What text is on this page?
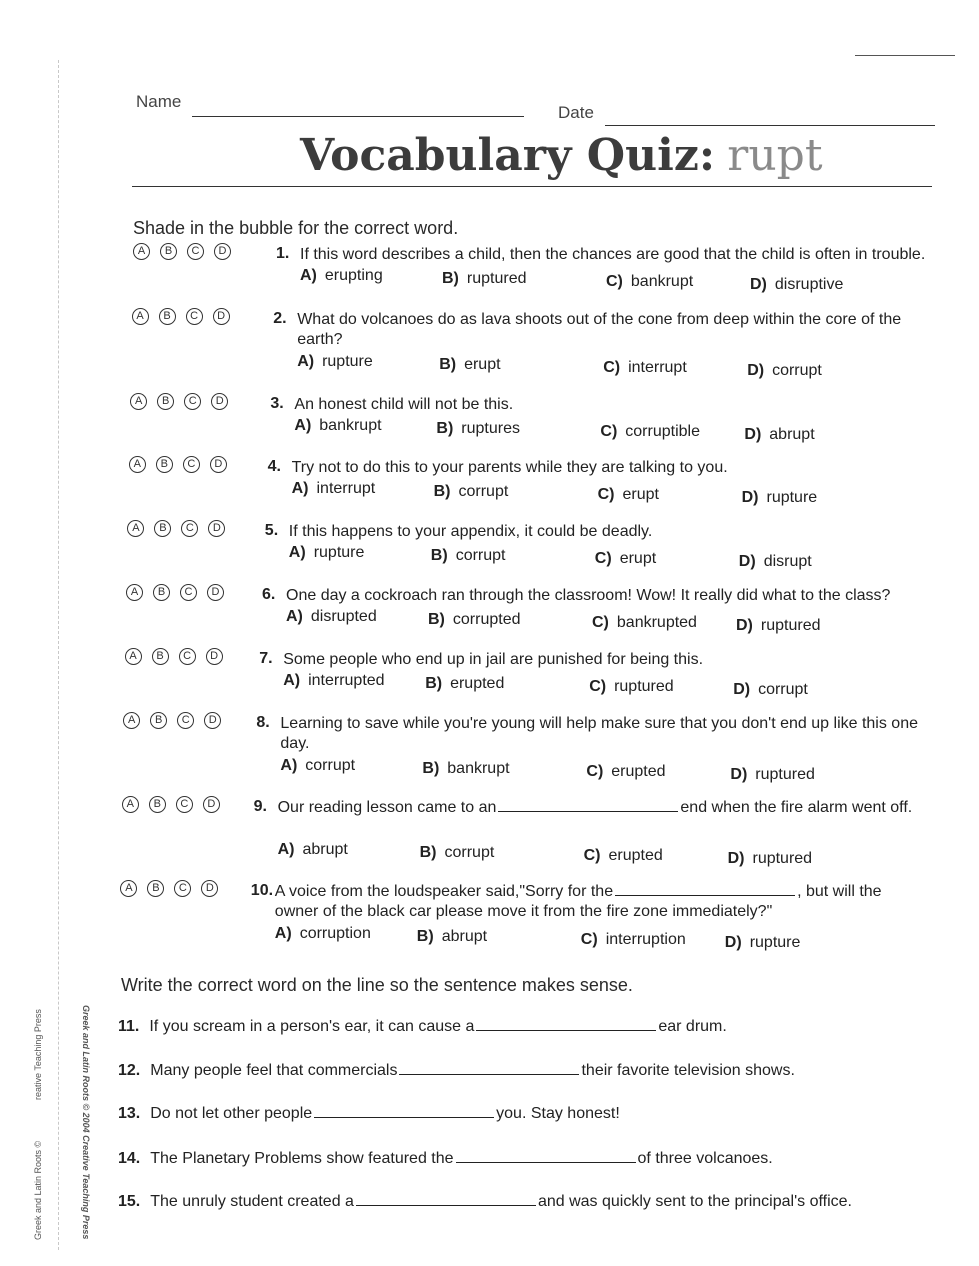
Name
Date
Vocabulary Quiz: rupt
Shade in the bubble for the correct word.
A	B	C	D	1. If this word describes a child, then the chances are good that the child is often in trouble.
A) erupting	B) ruptured	C) bankrupt	D) disruptive
A	B	C	D	2. What do volcanoes do as lava shoots out of the cone from deep within the core of the earth?
A) rupture	B) erupt	C) interrupt	D) corrupt
A	B	C	D	3. An honest child will not be this.
A) bankrupt	B) ruptures	C) corruptible	D) abrupt
A	B	C	D	4. Try not to do this to your parents while they are talking to you.
A) interrupt	B) corrupt	C) erupt	D) rupture
A	B	C	D	5. If this happens to your appendix, it could be deadly.
A) rupture	B) corrupt	C) erupt	D) disrupt
A	B	C	D	6. One day a cockroach ran through the classroom! Wow! It really did what to the class?
A) disrupted	B) corrupted	C) bankrupted D) ruptured
A	B	C	D	7. Some people who end up in jail are punished for being this.
A) interrupted	B) erupted	C) ruptured	D) corrupt
A	B	C	D 8. Learning to save while you're young will help make sure that you don't end up like this one day.
A) corrupt	B) bankrupt	C) erupted	D) ruptured
A	B	C	D 9. Our reading lesson came to an	end when the fire alarm went off.
A) abrupt	B) corrupt	C) erupted	D) ruptured
A	B	C	D 10. A voice from the loudspeaker said,"Sorry for the	, but will the owner of the black car please move it from the fire zone immediately?"
A) corruption	B) abrupt	C) interruption D) rupture
Write the correct word on the line so the sentence makes sense.
11. If you scream in a person's ear, it can cause a	ear drum.
12. Many people feel that commercials	their favorite television shows.
13. Do not let other people	you. Stay honest!
14. The Planetary Problems show featured the	of three volcanoes.
15. The unruly student created a	and was quickly sent to the principal's office.
Greek and Latin Roots ©
reative Teaching Press	Greek and Latin Roots © 2004 Creative Teaching Press
